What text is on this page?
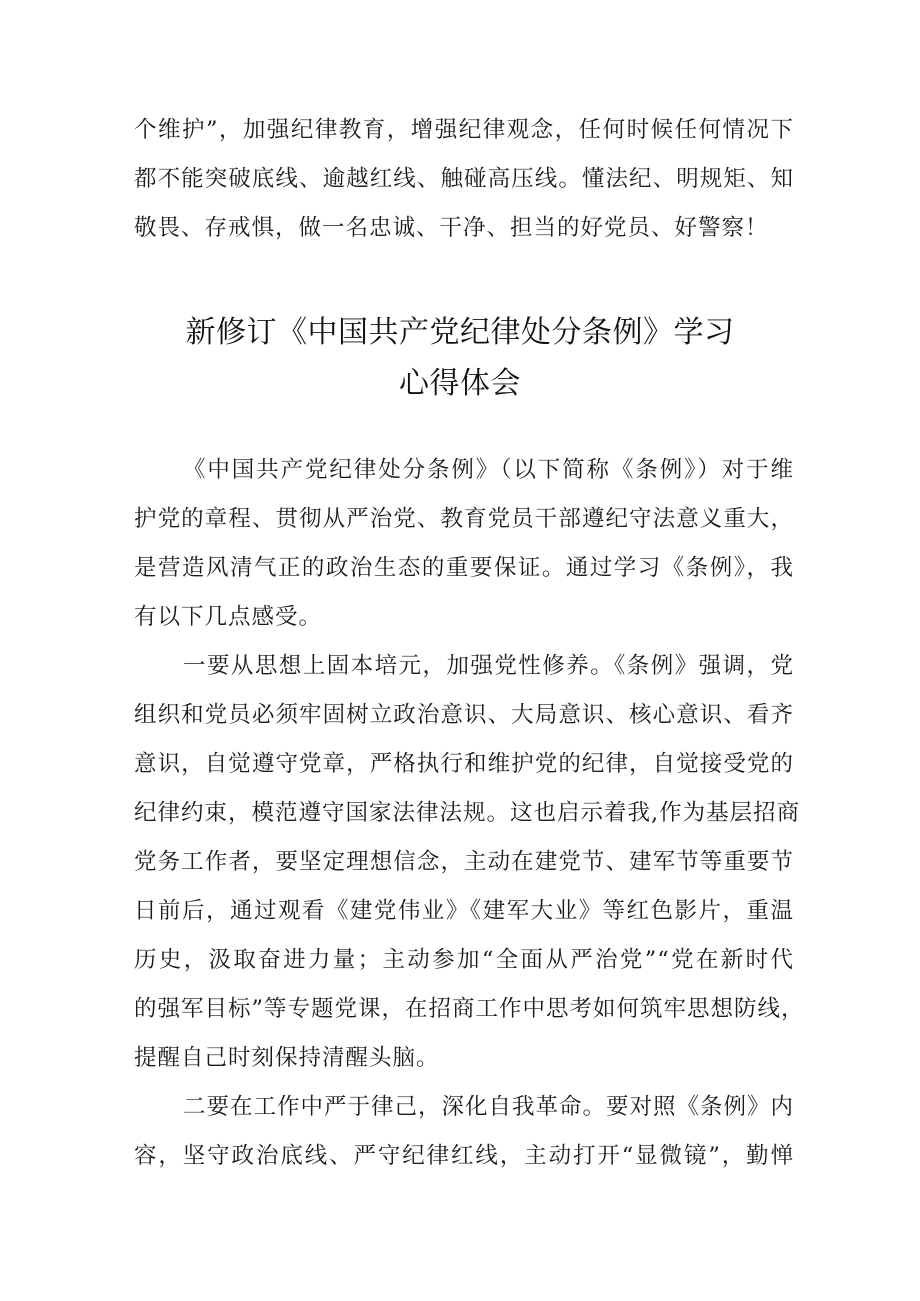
个维护”，加强纪律教育，增强纪律观念，任何时候任何情况下
都不能突破底线、逾越红线、触碰高压线。懂法纪、明规矩、知
敬畏、存戒惧，做一名忠诚、干净、担当的好党员、好警察！
新修订《中国共产党纪律处分条例》学习
心得体会
《中国共产党纪律处分条例》（以下简称《条例》）对于维
护党的章程、贯彻从严治党、教育党员干部遵纪守法意义重大，
是营造风清气正的政治生态的重要保证。通过学习《条例》，我
有以下几点感受。
一要从思想上固本培元，加强党性修养。《条例》强调，党
组织和党员必须牢固树立政治意识、大局意识、核心意识、看齐
意识，自觉遵守党章，严格执行和维护党的纪律，自觉接受党的
纪律约束，模范遵守国家法律法规。这也启示着我,作为基层招商
党务工作者，要坚定理想信念，主动在建党节、建军节等重要节
日前后，通过观看《建党伟业》《建军大业》等红色影片，重温
历史，汲取奋进力量；主动参加“全面从严治党”“党在新时代
的强军目标”等专题党课，在招商工作中思考如何筑牢思想防线，
提醒自己时刻保持清醒头脑。
二要在工作中严于律己，深化自我革命。要对照《条例》内
容，坚守政治底线、严守纪律红线，主动打开“显微镜”，勤惮
